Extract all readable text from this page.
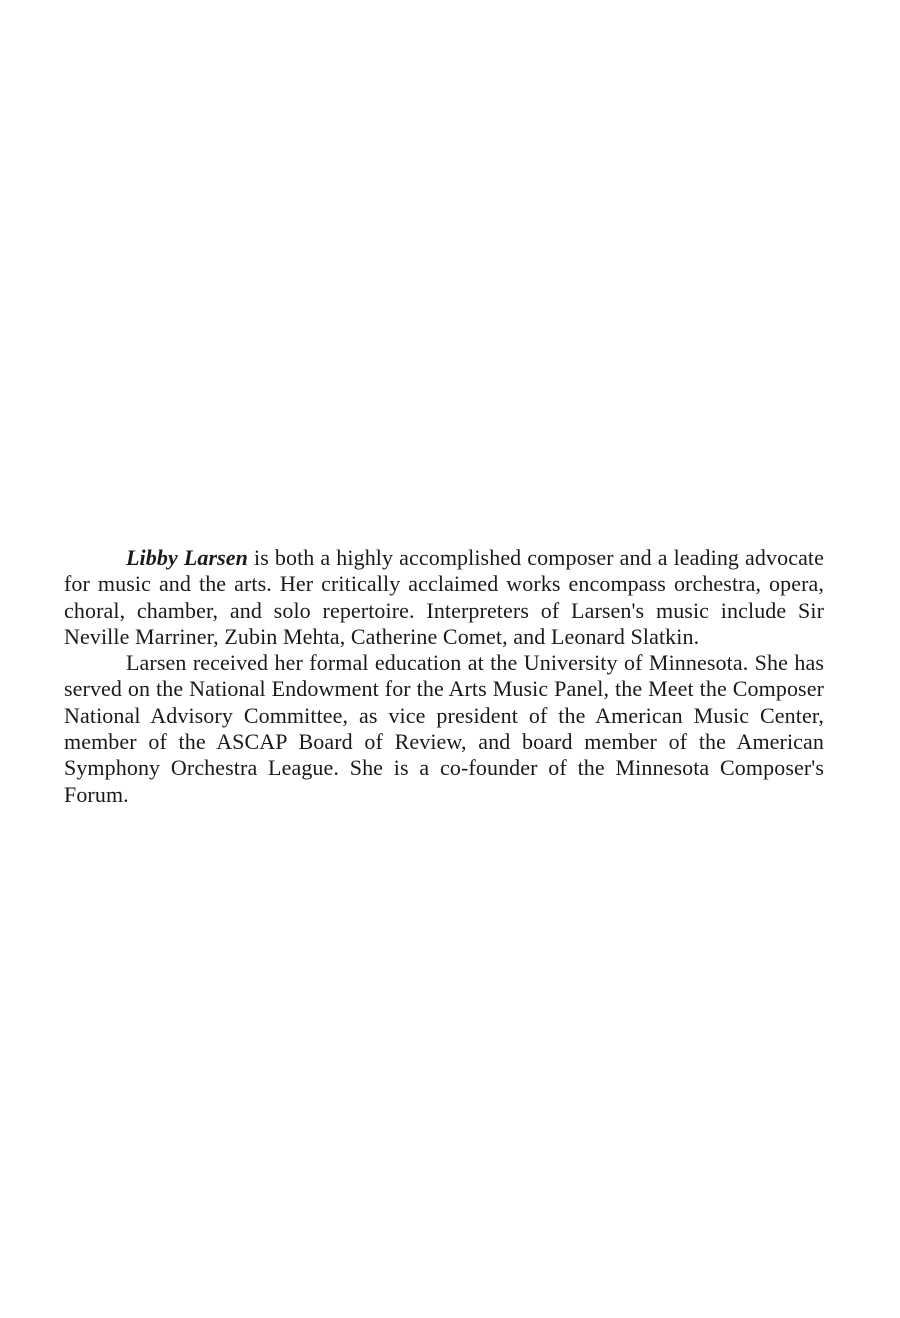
Libby Larsen is both a highly accomplished composer and a leading advocate for music and the arts. Her critically acclaimed works encompass orchestra, opera, choral, chamber, and solo repertoire. Interpreters of Larsen's music include Sir Neville Marriner, Zubin Mehta, Catherine Comet, and Leonard Slatkin.

Larsen received her formal education at the University of Minnesota. She has served on the National Endowment for the Arts Music Panel, the Meet the Composer National Advisory Committee, as vice president of the American Music Center, member of the ASCAP Board of Review, and board member of the American Symphony Orchestra League. She is a co-founder of the Minnesota Composer's Forum.
